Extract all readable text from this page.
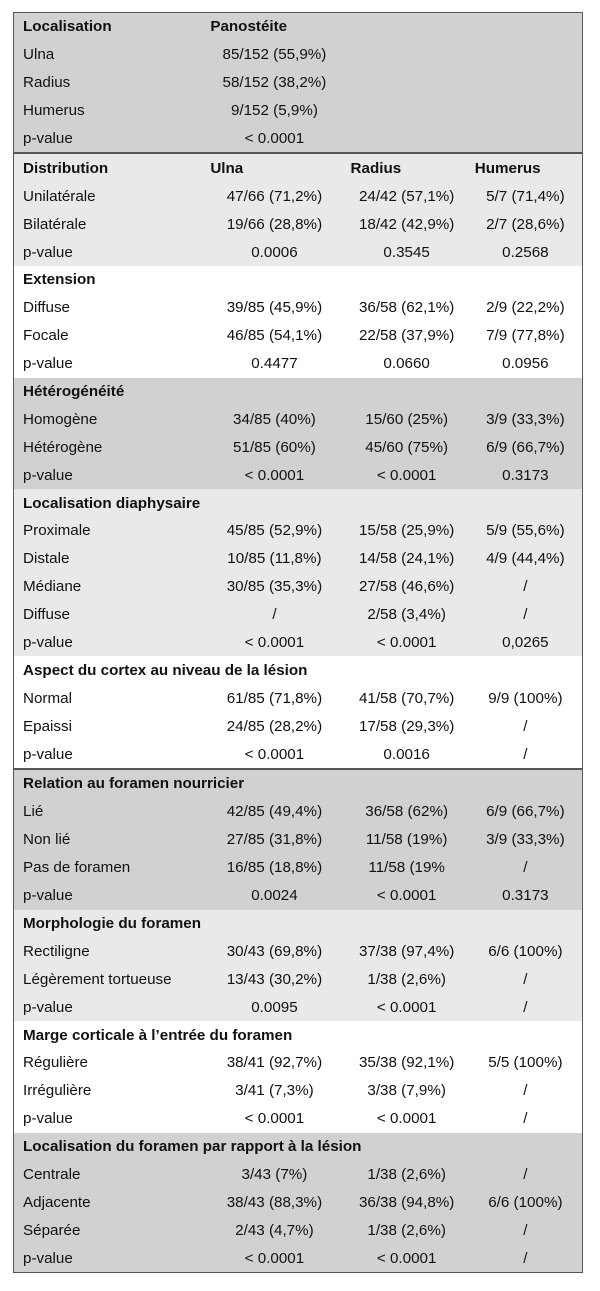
Localisation	Panostéite		
Ulna	85/152 (55,9%)		
Radius	58/152 (38,2%)		
Humerus	9/152 (5,9%)		
p-value	< 0.0001		
Distribution	Ulna	Radius	Humerus
Unilatérale	47/66 (71,2%)	24/42 (57,1%)	5/7 (71,4%)
Bilatérale	19/66 (28,8%)	18/42 (42,9%)	2/7 (28,6%)
p-value	0.0006	0.3545	0.2568
Extension			
Diffuse	39/85 (45,9%)	36/58 (62,1%)	2/9 (22,2%)
Focale	46/85 (54,1%)	22/58 (37,9%)	7/9 (77,8%)
p-value	0.4477	0.0660	0.0956
Hétérogénéité			
Homogène	34/85 (40%)	15/60 (25%)	3/9 (33,3%)
Hétérogène	51/85 (60%)	45/60 (75%)	6/9 (66,7%)
p-value	< 0.0001	< 0.0001	0.3173
Localisation diaphysaire			
Proximale	45/85 (52,9%)	15/58 (25,9%)	5/9 (55,6%)
Distale	10/85 (11,8%)	14/58 (24,1%)	4/9 (44,4%)
Médiane	30/85 (35,3%)	27/58 (46,6%)	/
Diffuse	/	2/58 (3,4%)	/
p-value	< 0.0001	< 0.0001	0,0265
Aspect du cortex au niveau de la lésion			
Normal	61/85 (71,8%)	41/58 (70,7%)	9/9 (100%)
Epaissi	24/85 (28,2%)	17/58 (29,3%)	/
p-value	< 0.0001	0.0016	/
Relation au foramen nourricier			
Lié	42/85 (49,4%)	36/58 (62%)	6/9 (66,7%)
Non lié	27/85 (31,8%)	11/58 (19%)	3/9 (33,3%)
Pas de foramen	16/85 (18,8%)	11/58 (19%	/
p-value	0.0024	< 0.0001	0.3173
Morphologie du foramen			
Rectiligne	30/43 (69,8%)	37/38 (97,4%)	6/6 (100%)
Légèrement tortueuse	13/43 (30,2%)	1/38 (2,6%)	/
p-value	0.0095	< 0.0001	/
Marge corticale à l’entrée du foramen			
Régulière	38/41 (92,7%)	35/38 (92,1%)	5/5 (100%)
Irrégulière	3/41 (7,3%)	3/38 (7,9%)	/
p-value	< 0.0001	< 0.0001	/
Localisation du foramen par rapport à la lésion			
Centrale	3/43 (7%)	1/38 (2,6%)	/
Adjacente	38/43 (88,3%)	36/38 (94,8%)	6/6 (100%)
Séparée	2/43 (4,7%)	1/38 (2,6%)	/
p-value	< 0.0001	< 0.0001	/
